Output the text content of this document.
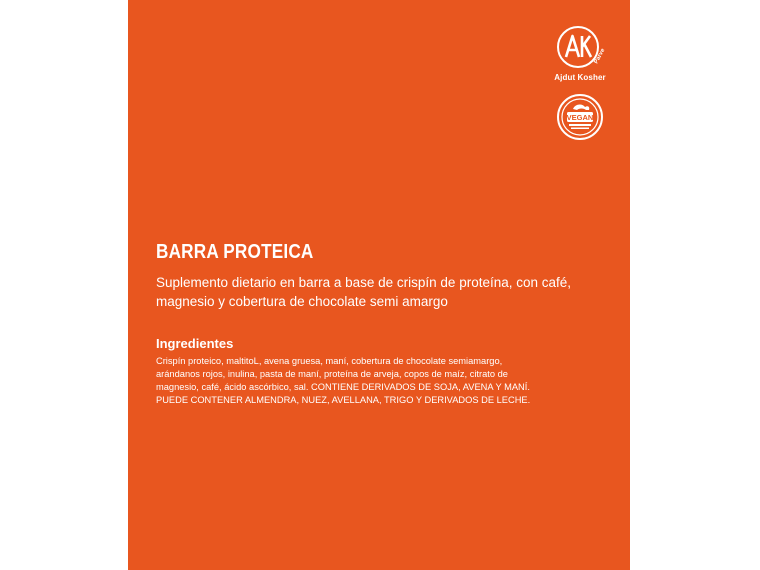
Parve
Ajdut Kosher
VEGAN
BARRA PROTEICA

Suplemento dietario en barra a base de crispín de proteína, con café, magnesio y cobertura de chocolate semi amargo

Ingredientes

Crispín proteico, maltitoL, avena gruesa, maní, cobertura de chocolate semiamargo, arándanos rojos, inulina, pasta de maní, proteína de arveja, copos de maíz, citrato de magnesio, café, ácido ascórbico, sal. CONTIENE DERIVADOS DE SOJA, AVENA Y MANÍ. PUEDE CONTENER ALMENDRA, NUEZ, AVELLANA, TRIGO Y DERIVADOS DE LECHE.
